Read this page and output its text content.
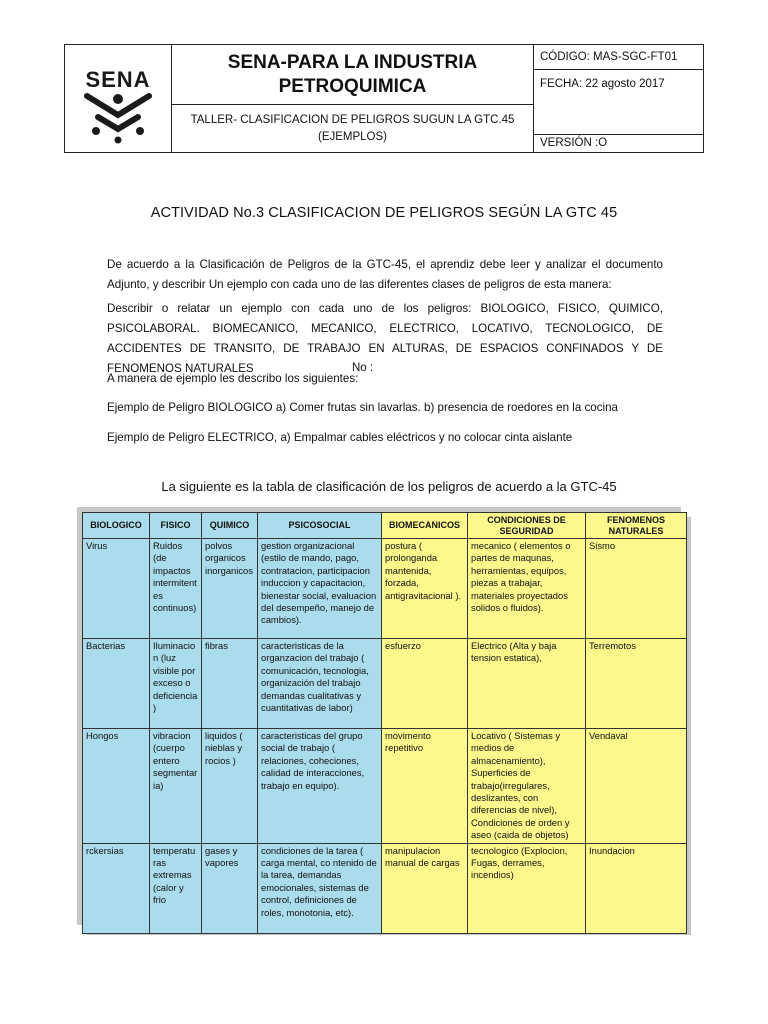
SENA
SENA-PARA LA INDUSTRIA
PETROQUIMICA
TALLER- CLASIFICACION DE PELIGROS SUGUN LA GTC.45
(EJEMPLOS)
CÓDIGO: MAS-SGC-FT01
FECHA: 22 agosto 2017
VERSIÓN :O
ACTIVIDAD No.3 CLASIFICACION DE PELIGROS SEGÚN LA GTC 45
De acuerdo a la Clasificación de Peligros de la GTC-45, el aprendiz debe leer y analizar el documento Adjunto, y describir Un ejemplo con cada uno de las diferentes clases de peligros de esta manera:
Describir o relatar un ejemplo con cada uno de los peligros: BIOLOGICO, FISICO, QUIMICO, PSICOLABORAL. BIOMECANICO, MECANICO, ELECTRICO, LOCATIVO, TECNOLOGICO, DE ACCIDENTES DE TRANSITO, DE TRABAJO EN ALTURAS, DE ESPACIOS CONFINADOS Y DE FENOMENOS NATURALES	No :
A manera de ejemplo les describo los siguientes:
Ejemplo de Peligro BIOLOGICO a) Comer frutas sin lavarlas. b) presencia de roedores en la cocina
Ejemplo de Peligro ELECTRICO, a) Empalmar cables eléctricos y no colocar cinta aislante
La siguiente es la tabla de clasificación de los peligros de acuerdo a la GTC-45
BIOLOGICO	FISICO	QUIMICO	PSICOSOCIAL	BIOMECANICOS	CONDICIONES DE SEGURIDAD	FENOMENOS NATURALES
Virus	Ruidos (de impactos intermitentes continuos)	polvos organicos inorganicos	gestion organizacional (estilo de mando, pago, contratacion, participacion induccion y capacitacion, bienestar social, evaluacion del desempeño, manejo de cambios).	postura ( prolonganda mantenida, forzada, antigravitacional ).	mecanico ( elementos o partes de maqunas, herramientas, equipos, piezas a trabajar, materiales proyectados solidos o fluidos).	Sismo
Bacterias	Iluminacion (luz visible por exceso o deficiencia)	fibras	caracteristicas de la organzacion del trabajo ( comunicación, tecnologia, organización del trabajo demandas cualitativas y cuantitativas de labor)	esfuerzo	Electrico (Alta y baja tension estatica),	Terremotos
Hongos	vibracion (cuerpo entero segmentaria)	liquidos ( nieblas y rocios )	caracteristicas del grupo social de trabajo ( relaciones, coheciones, calidad de interacciones, trabajo en equipo).	movimento repetitivo	Locativo ( Sistemas y medios de almacenamiento), Superficies de trabajo(irregulares, deslizantes, con diferencias de nivel), Condiciones de orden y aseo (caida de objetos)	Vendaval
rckersias	temperaturas extremas (calor y frio	gases y vapores	condiciones de la tarea ( carga mental, co ntenido de la tarea, demandas emocionales, sistemas de control, definiciones de roles, monotonia, etc).	manipulacion manual de cargas	tecnologico (Explocion, Fugas, derrames, incendios)	Inundacion
